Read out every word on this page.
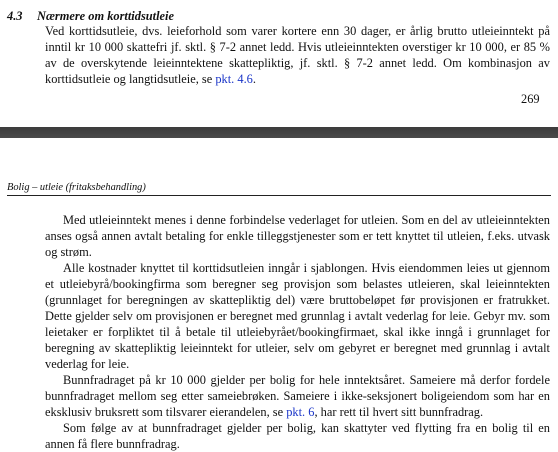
4.3 Nærmere om korttidsutleie

Ved korttidsutleie, dvs. leieforhold som varer kortere enn 30 dager, er årlig brutto utleieinntekt på inntil kr 10 000 skattefri jf. sktl. § 7-2 annet ledd. Hvis utleieinntekten overstiger kr 10 000, er 85 % av de overskytende leieinntektene skattepliktig, jf. sktl. § 7-2 annet ledd. Om kombinasjon av korttidsutleie og langtidsutleie, se pkt. 4.6.

269
Bolig – utleie (fritaksbehandling)

Med utleieinntekt menes i denne forbindelse vederlaget for utleien. Som en del av utleieinntekten anses også annen avtalt betaling for enkle tilleggstjenester som er tett knyttet til utleien, f.eks. utvask og strøm.

Alle kostnader knyttet til korttidsutleien inngår i sjablongen. Hvis eiendommen leies ut gjennom et utleiebyrå/bookingfirma som beregner seg provisjon som belastes utleieren, skal leieinntekten (grunnlaget for beregningen av skattepliktig del) være bruttobeløpet før provisjonen er fratrukket. Dette gjelder selv om provisjonen er beregnet med grunnlag i avtalt vederlag for leie. Gebyr mv. som leietaker er forpliktet til å betale til utleiebyrået/bookingfirmaet, skal ikke inngå i grunnlaget for beregning av skattepliktig leieinntekt for utleier, selv om gebyret er beregnet med grunnlag i avtalt vederlag for leie.

Bunnfradraget på kr 10 000 gjelder per bolig for hele inntektsåret. Sameiere må derfor fordele bunnfradraget mellom seg etter sameiebrøken. Sameiere i ikke-seksjonert boligeiendom som har en eksklusiv bruksrett som tilsvarer eierandelen, se pkt. 6, har rett til hvert sitt bunnfradrag.

Som følge av at bunnfradraget gjelder per bolig, kan skattyter ved flytting fra en bolig til en annen få flere bunnfradrag.
